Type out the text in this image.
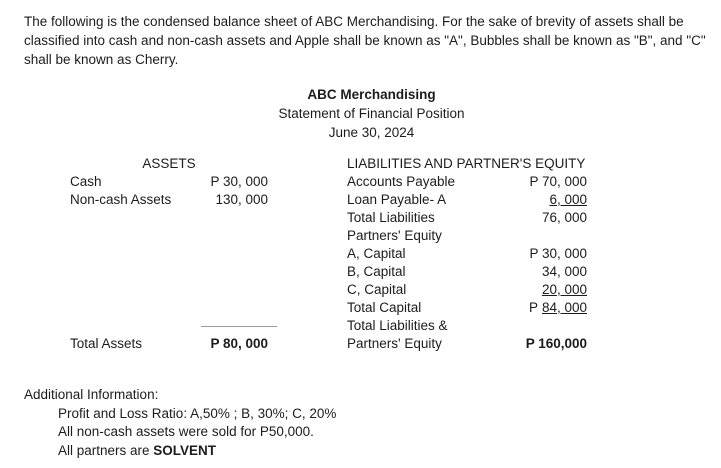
The following is the condensed balance sheet of ABC Merchandising. For the sake of brevity of assets shall be
classified into cash and non-cash assets and Apple shall be known as "A", Bubbles shall be known as "B", and "C"
shall be known as Cherry.
ABC Merchandising
Statement of Financial Position
June 30, 2024
ASSETS			LIABILITIES AND PARTNER'S EQUITY	
Cash	P 30, 000		Accounts Payable	P 70, 000
Non-cash Assets	130, 000		Loan Payable- A	6, 000
			Total Liabilities	76, 000
			Partners' Equity	
			A, Capital	P 30, 000
			B, Capital	34, 000
			C, Capital	20, 000
			Total Capital	P 84, 000

		Total Liabilities &	
Total Assets	P 80, 000		Partners' Equity	P 160,000
Additional Information:
Profit and Loss Ratio: A,50% ; B, 30%; C, 20%
All non-cash assets were sold for P50,000.
All partners are SOLVENT
